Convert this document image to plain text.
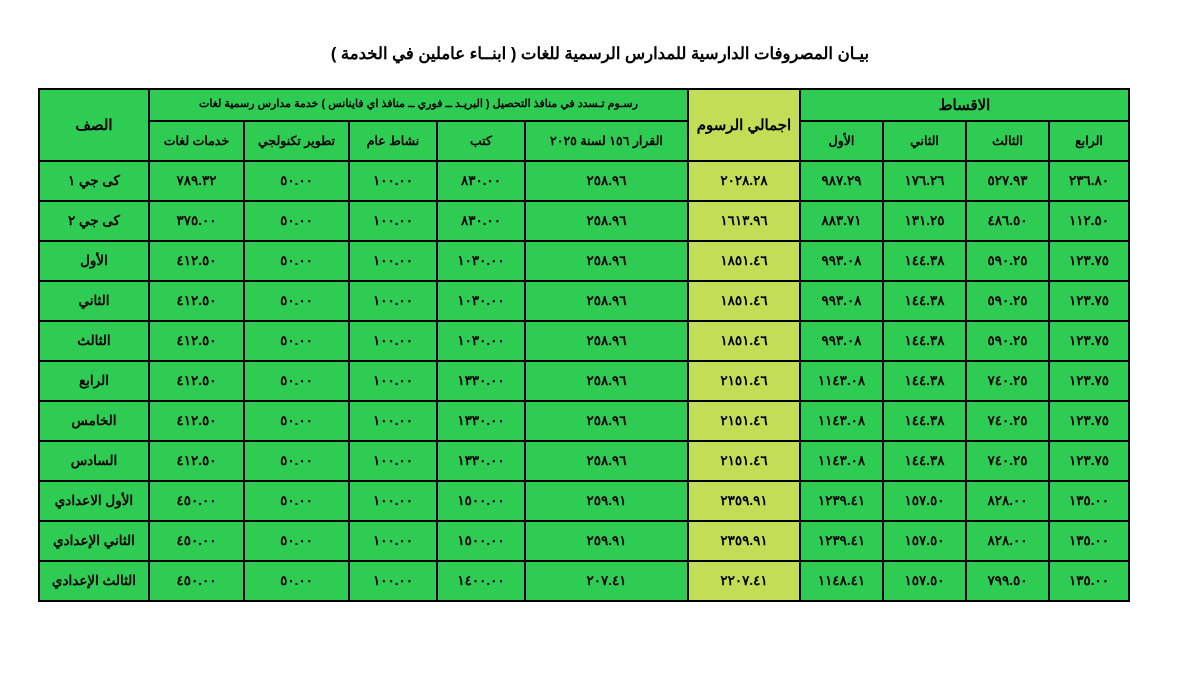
بيـان المصروفات الدارسية للمدارس الرسمية للغات ( ابنــاء عاملين في الخدمة )
الاقساط				اجمالي الرسوم	رسـوم تـسدد في منافذ التحصيل ( البريـد ــ فوري ــ منافذ اي فاينانس ) خدمة مدارس رسمية لغات					الصف
الرابع	الثالث	الثاني	الأول		القرار ١٥٦ لسنة ٢٠٢٥	كتب	نشاط عام	تطوير تكنولجي	خدمات لغات	
٢٣٦.٨٠	٥٢٧.٩٣	١٧٦.٢٦	٩٨٧.٢٩	٢٠٢٨.٢٨	٢٥٨.٩٦	٨٣٠.٠٠	١٠٠.٠٠	٥٠.٠٠	٧٨٩.٣٢	كى جي ١
١١٢.٥٠	٤٨٦.٥٠	١٣١.٢٥	٨٨٣.٧١	١٦١٣.٩٦	٢٥٨.٩٦	٨٣٠.٠٠	١٠٠.٠٠	٥٠.٠٠	٣٧٥.٠٠	كى جي ٢
١٢٣.٧٥	٥٩٠.٢٥	١٤٤.٣٨	٩٩٣.٠٨	١٨٥١.٤٦	٢٥٨.٩٦	١٠٣٠.٠٠	١٠٠.٠٠	٥٠.٠٠	٤١٢.٥٠	الأول
١٢٣.٧٥	٥٩٠.٢٥	١٤٤.٣٨	٩٩٣.٠٨	١٨٥١.٤٦	٢٥٨.٩٦	١٠٣٠.٠٠	١٠٠.٠٠	٥٠.٠٠	٤١٢.٥٠	الثاني
١٢٣.٧٥	٥٩٠.٢٥	١٤٤.٣٨	٩٩٣.٠٨	١٨٥١.٤٦	٢٥٨.٩٦	١٠٣٠.٠٠	١٠٠.٠٠	٥٠.٠٠	٤١٢.٥٠	الثالث
١٢٣.٧٥	٧٤٠.٢٥	١٤٤.٣٨	١١٤٣.٠٨	٢١٥١.٤٦	٢٥٨.٩٦	١٣٣٠.٠٠	١٠٠.٠٠	٥٠.٠٠	٤١٢.٥٠	الرابع
١٢٣.٧٥	٧٤٠.٢٥	١٤٤.٣٨	١١٤٣.٠٨	٢١٥١.٤٦	٢٥٨.٩٦	١٣٣٠.٠٠	١٠٠.٠٠	٥٠.٠٠	٤١٢.٥٠	الخامس
١٢٣.٧٥	٧٤٠.٢٥	١٤٤.٣٨	١١٤٣.٠٨	٢١٥١.٤٦	٢٥٨.٩٦	١٣٣٠.٠٠	١٠٠.٠٠	٥٠.٠٠	٤١٢.٥٠	السادس
١٣٥.٠٠	٨٢٨.٠٠	١٥٧.٥٠	١٢٣٩.٤١	٢٣٥٩.٩١	٢٥٩.٩١	١٥٠٠.٠٠	١٠٠.٠٠	٥٠.٠٠	٤٥٠.٠٠	الأول الاعدادي
١٣٥.٠٠	٨٢٨.٠٠	١٥٧.٥٠	١٢٣٩.٤١	٢٣٥٩.٩١	٢٥٩.٩١	١٥٠٠.٠٠	١٠٠.٠٠	٥٠.٠٠	٤٥٠.٠٠	الثاني الإعدادي
١٣٥.٠٠	٧٩٩.٥٠	١٥٧.٥٠	١١٤٨.٤١	٢٢٠٧.٤١	٢٠٧.٤١	١٤٠٠.٠٠	١٠٠.٠٠	٥٠.٠٠	٤٥٠.٠٠	الثالث الإعدادي
